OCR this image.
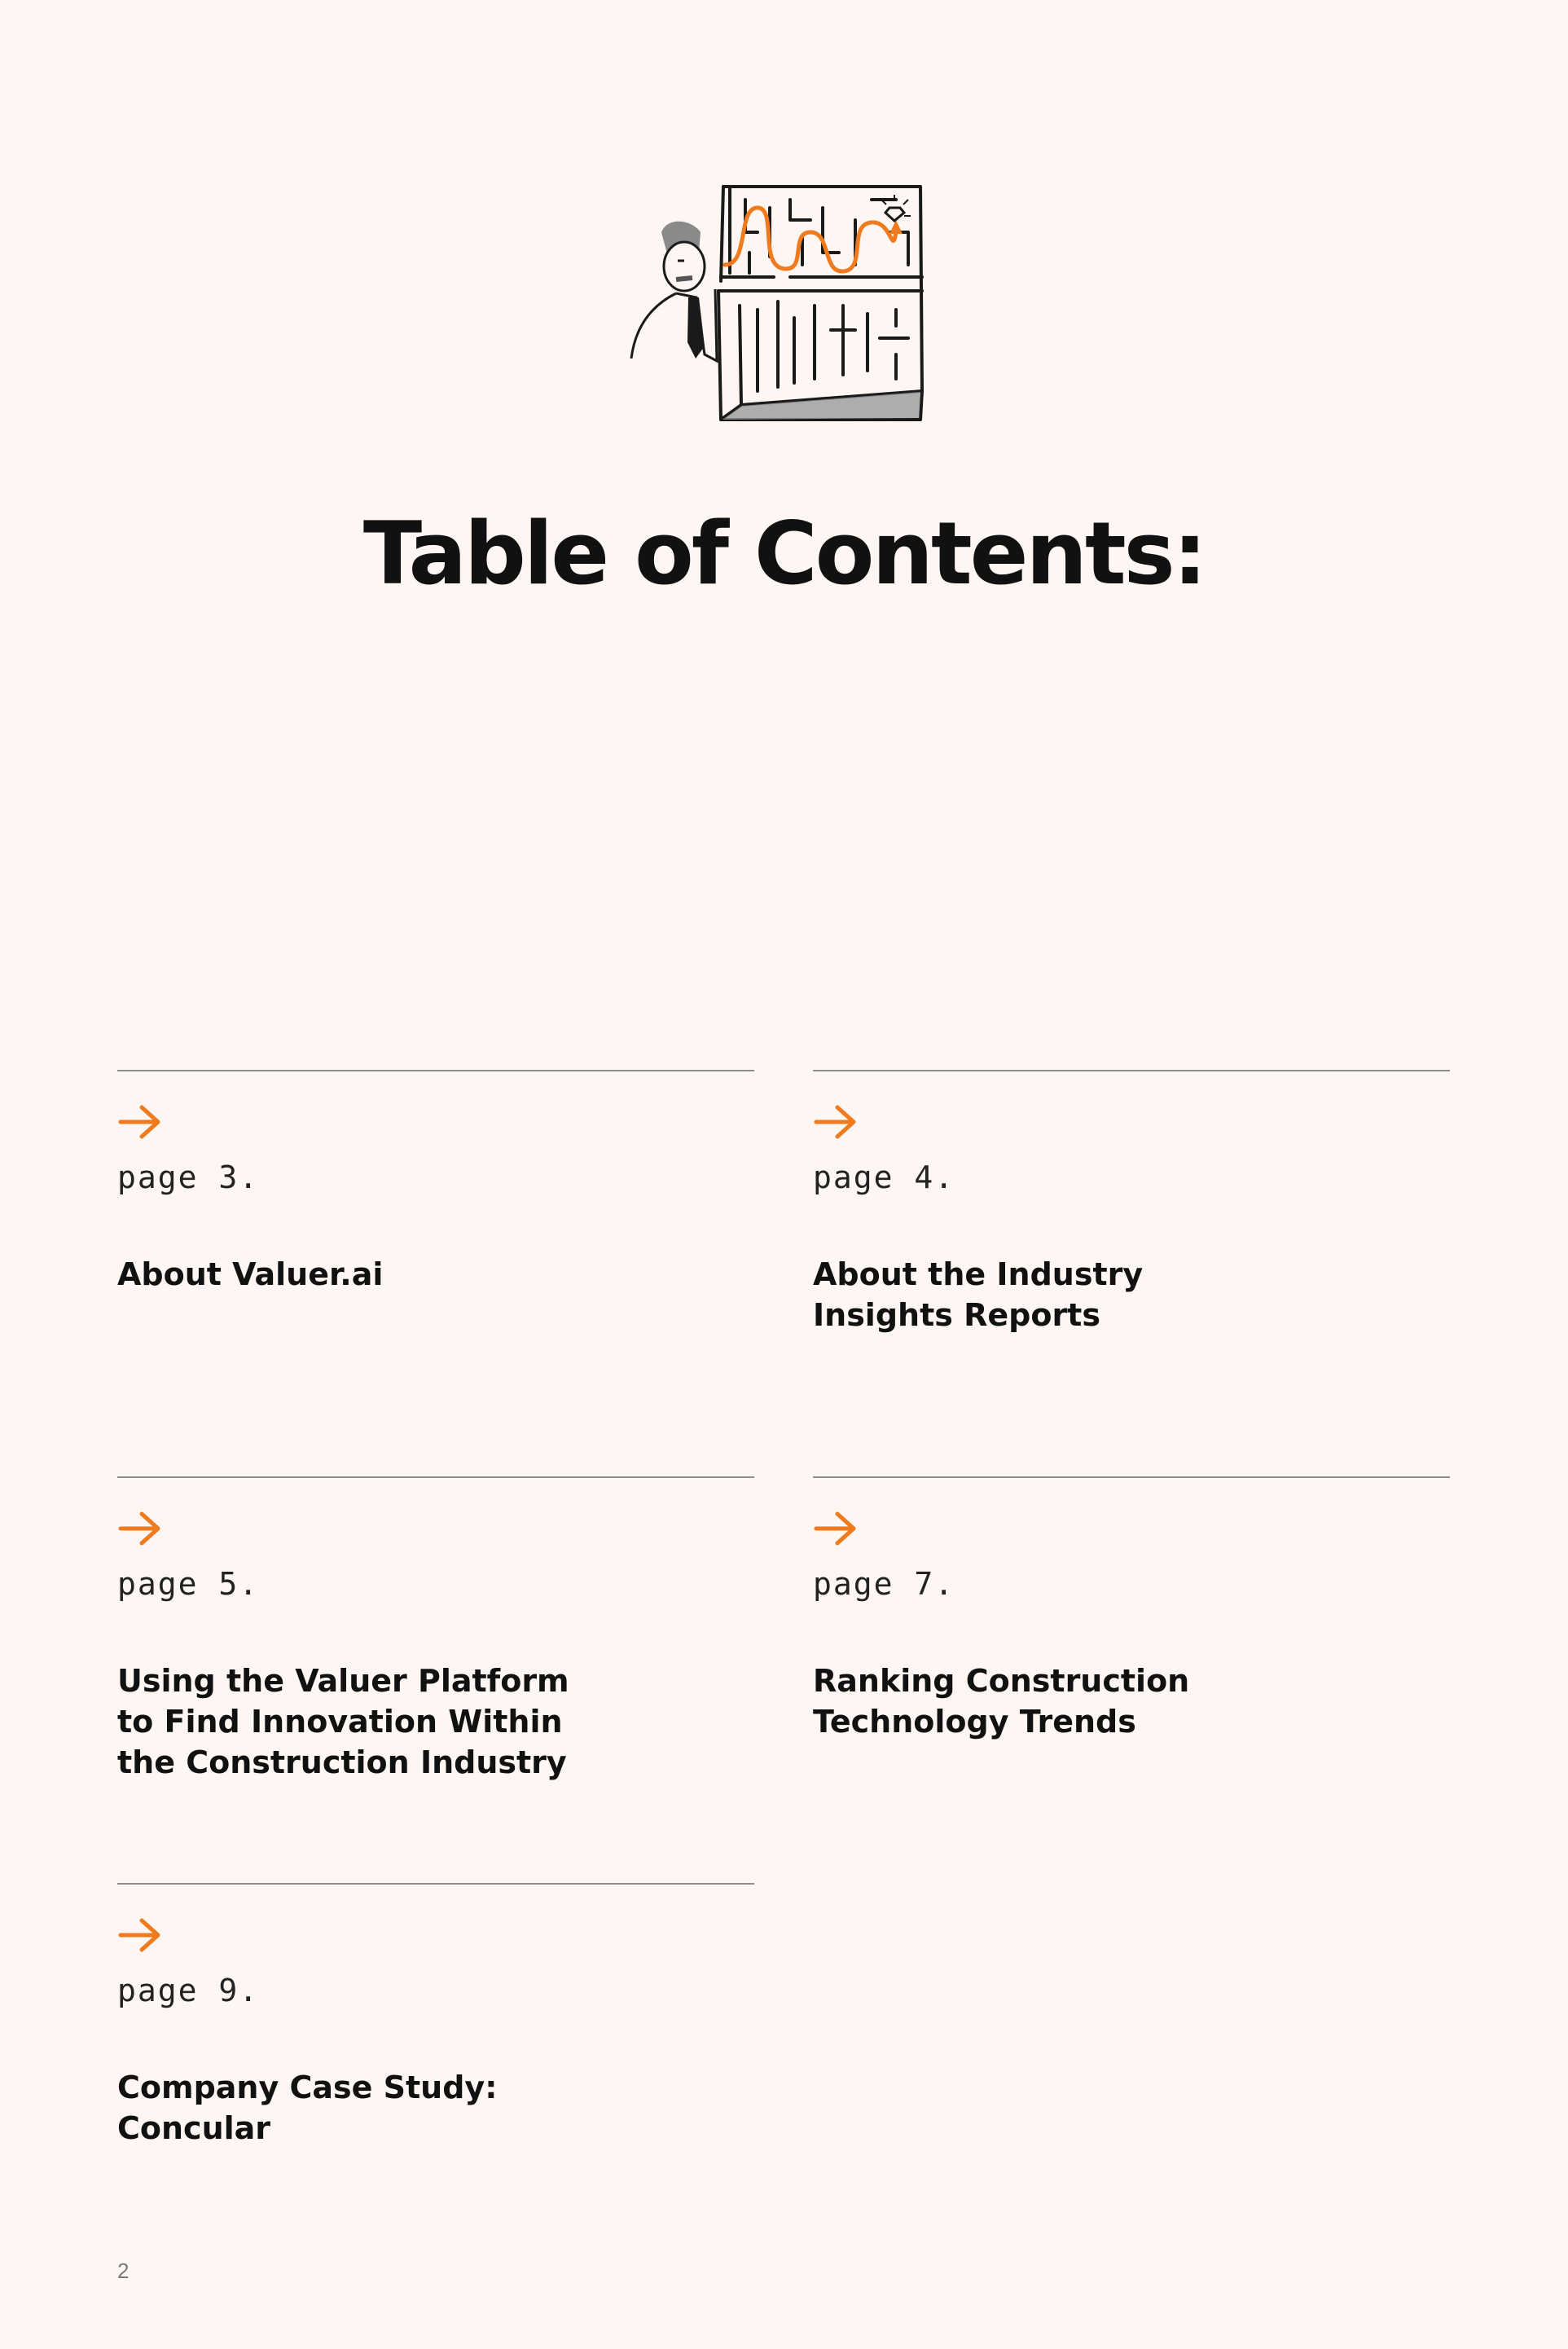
Table of Contents:
page 3.
About Valuer.ai
page 4.
About the Industry
Insights Reports
page 5.
Using the Valuer Platform
to Find Innovation Within
the Construction Industry
page 7.
Ranking Construction
Technology Trends
page 9.
Company Case Study:
Concular
2
